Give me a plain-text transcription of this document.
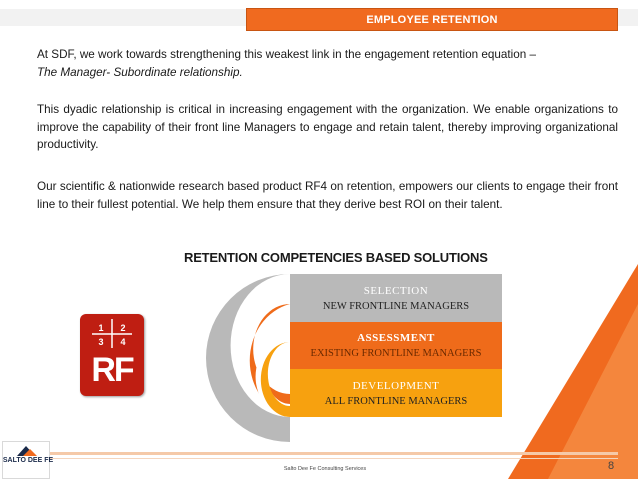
EMPLOYEE RETENTION
At SDF, we work towards strengthening this weakest link in the engagement retention equation –
The Manager- Subordinate relationship.
This dyadic relationship is critical in increasing engagement with the organization. We enable organizations to improve the capability of their front line Managers to engage and retain talent, thereby improving organizational productivity.
Our scientific & nationwide research based product RF4 on retention, empowers our clients to engage their front line to their fullest potential. We help them ensure that they derive best ROI on their talent.
RETENTION COMPETENCIES BASED SOLUTIONS
1	2
3	4
RF
SELECTION
NEW FRONTLINE MANAGERS
ASSESSMENT
EXISTING FRONTLINE MANAGERS
DEVELOPMENT
ALL FRONTLINE MANAGERS
SALTO DEE FE
Salto Dee Fe Consulting Services	8
